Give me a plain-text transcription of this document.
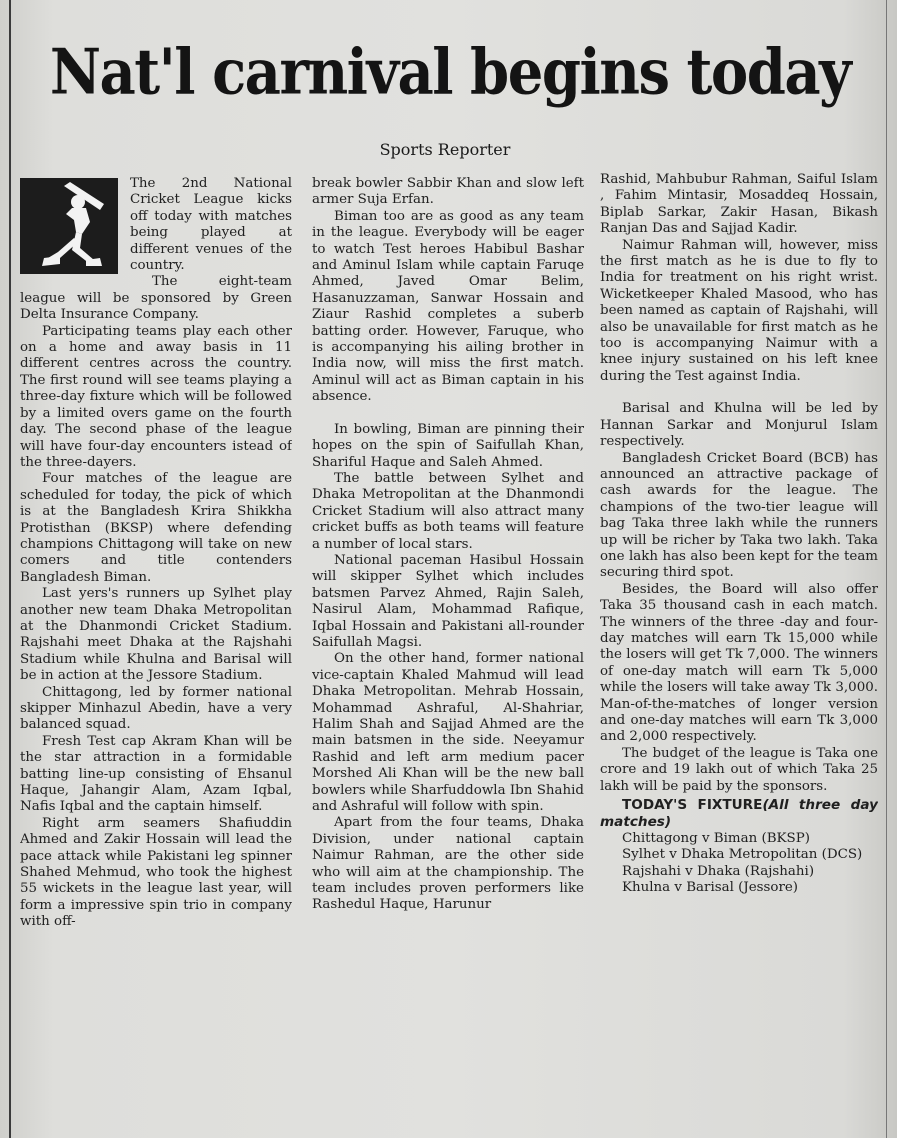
Nat'l carnival begins today
Sports Reporter

The 2nd National Cricket League kicks off today with matches being played at different venues of the country.

The eight-team league will be sponsored by Green Delta Insurance Company.

Participating teams play each other on a home and away basis in 11 different centres across the country. The first round will see teams playing a three-day fixture which will be followed by a limited overs game on the fourth day. The second phase of the league will have four-day encounters istead of the three-dayers.

Four matches of the league are scheduled for today, the pick of which is at the Bangladesh Krira Shikkha Protisthan (BKSP) where defending champions Chittagong will take on new comers and title contenders Bangladesh Biman.

Last yers's runners up Sylhet play another new team Dhaka Metropolitan at the Dhanmondi Cricket Stadium. Rajshahi meet Dhaka at the Rajshahi Stadium while Khulna and Barisal will be in action at the Jessore Stadium.

Chittagong, led by former national skipper Minhazul Abedin, have a very balanced squad.

Fresh Test cap Akram Khan will be the star attraction in a formidable batting line-up consisting of Ehsanul Haque, Jahangir Alam, Azam Iqbal, Nafis Iqbal and the captain himself.

Right arm seamers Shafiuddin Ahmed and Zakir Hossain will lead the pace attack while Pakistani leg spinner Shahed Mehmud, who took the highest 55 wickets in the league last year, will form a impressive spin trio in company with off-

break bowler Sabbir Khan and slow left armer Suja Erfan.

Biman too are as good as any team in the league. Everybody will be eager to watch Test heroes Habibul Bashar and Aminul Islam while captain Faruqe Ahmed, Javed Omar Belim, Hasanuzzaman, Sanwar Hossain and Ziaur Rashid completes a suberb batting order. However, Faruque, who is accompanying his ailing brother in India now, will miss the first match. Aminul will act as Biman captain in his absence.

In bowling, Biman are pinning their hopes on the spin of Saifullah Khan, Shariful Haque and Saleh Ahmed.

The battle between Sylhet and Dhaka Metropolitan at the Dhanmondi Cricket Stadium will also attract many cricket buffs as both teams will feature a number of local stars.

National paceman Hasibul Hossain will skipper Sylhet which includes batsmen Parvez Ahmed, Rajin Saleh, Nasirul Alam, Mohammad Rafique, Iqbal Hossain and Pakistani all-rounder Saifullah Magsi.

On the other hand, former national vice-captain Khaled Mahmud will lead Dhaka Metropolitan. Mehrab Hossain, Mohammad Ashraful, Al-Shahriar, Halim Shah and Sajjad Ahmed are the main batsmen in the side. Neeyamur Rashid and left arm medium pacer Morshed Ali Khan will be the new ball bowlers while Sharfuddowla Ibn Shahid and Ashraful will follow with spin.

Apart from the four teams, Dhaka Division, under national captain Naimur Rahman, are the other side who will aim at the championship. The team includes proven performers like Rashedul Haque, Harunur

Rashid, Mahbubur Rahman, Saiful Islam , Fahim Mintasir, Mosaddeq Hossain, Biplab Sarkar, Zakir Hasan, Bikash Ranjan Das and Sajjad Kadir.

Naimur Rahman will, however, miss the first match as he is due to fly to India for treatment on his right wrist. Wicketkeeper Khaled Masood, who has been named as captain of Rajshahi, will also be unavailable for first match as he too is accompanying Naimur with a knee injury sustained on his left knee during the Test against India.

Barisal and Khulna will be led by Hannan Sarkar and Monjurul Islam respectively.

Bangladesh Cricket Board (BCB) has announced an attractive package of cash awards for the league. The champions of the two-tier league will bag Taka three lakh while the runners up will be richer by Taka two lakh. Taka one lakh has also been kept for the team securing third spot.

Besides, the Board will also offer Taka 35 thousand cash in each match. The winners of the three -day and four-day matches will earn Tk 15,000 while the losers will get Tk 7,000. The winners of one-day match will earn Tk 5,000 while the losers will take away Tk 3,000. Man-of-the-matches of longer version and one-day matches will earn Tk 3,000 and 2,000 respectively.

The budget of the league is Taka one crore and 19 lakh out of which Taka 25 lakh will be paid by the sponsors.

TODAY'S FIXTURE(All three day matches)
Chittagong v Biman (BKSP)
Sylhet v Dhaka Metropolitan (DCS)
Rajshahi v Dhaka (Rajshahi)
Khulna v Barisal (Jessore)
